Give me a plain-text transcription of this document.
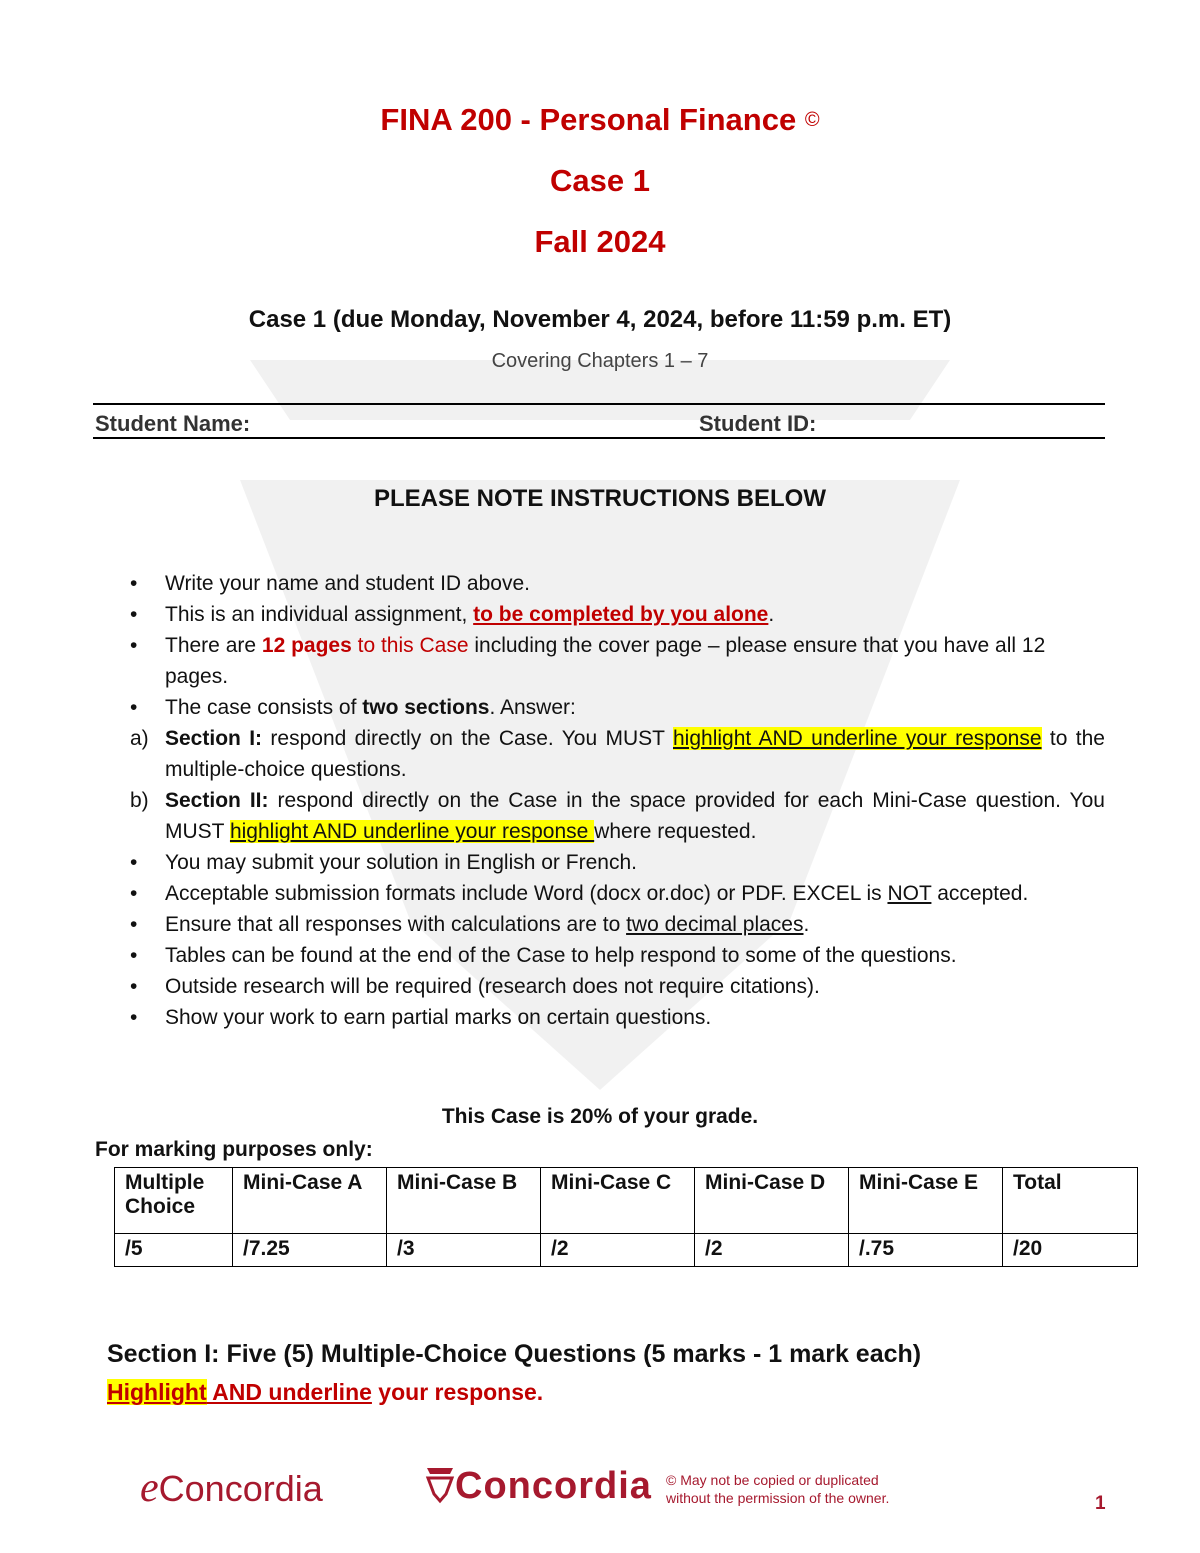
FINA 200 - Personal Finance ©
Case 1
Fall 2024
Case 1 (due Monday, November 4, 2024, before 11:59 p.m. ET)
Covering Chapters 1 – 7
Student Name:	Student ID:
PLEASE NOTE INSTRUCTIONS BELOW
•	Write your name and student ID above.
•	This is an individual assignment, to be completed by you alone.
•	There are 12 pages to this Case including the cover page – please ensure that you have all 12 pages.
•	The case consists of two sections. Answer:
a) Section I: respond directly on the Case. You MUST highlight AND underline your response to the multiple-choice questions.
b) Section II: respond directly on the Case in the space provided for each Mini-Case question. You MUST highlight AND underline your response where requested.
•	You may submit your solution in English or French.
•	Acceptable submission formats include Word (docx or.doc) or PDF. EXCEL is NOT accepted.
•	Ensure that all responses with calculations are to two decimal places.
•	Tables can be found at the end of the Case to help respond to some of the questions.
•	Outside research will be required (research does not require citations).
•	Show your work to earn partial marks on certain questions.
This Case is 20% of your grade.
For marking purposes only:
Multiple Choice	Mini-Case A	Mini-Case B	Mini-Case C	Mini-Case D	Mini-Case E	Total
/5	/7.25	/3	/2	/2	/.75	/20
Section I: Five (5) Multiple-Choice Questions (5 marks - 1 mark each)
Highlight AND underline your response.
eConcordia	Concordia © May not be copied or duplicated
without the permission of the owner.	1
